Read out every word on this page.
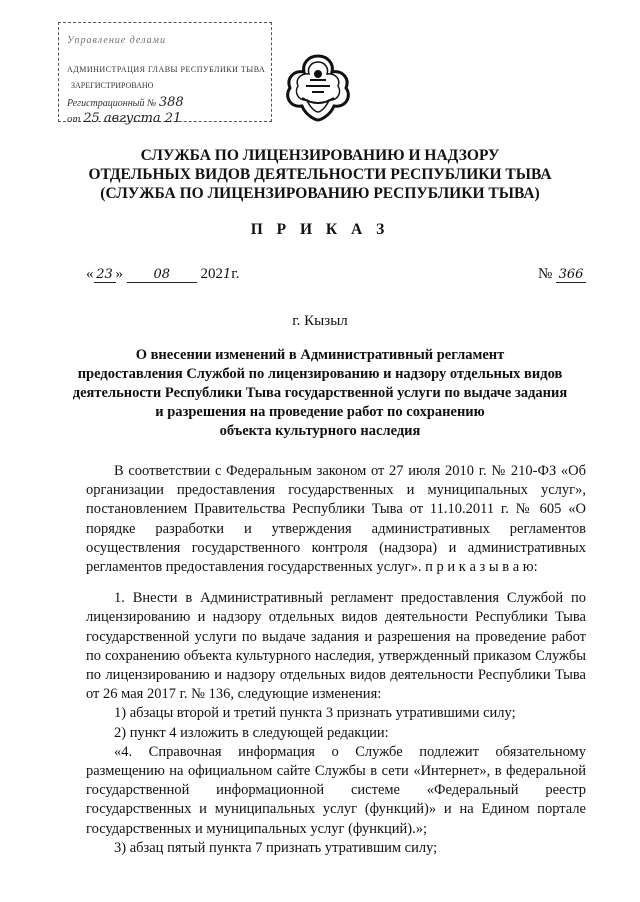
Управление делами
АДМИНИСТРАЦИЯ ГЛАВЫ РЕСПУБЛИКИ ТЫВА
ЗАРЕГИСТРИРОВАНО
Регистрационный № 388
от 25 августа 21
СЛУЖБА ПО ЛИЦЕНЗИРОВАНИЮ И НАДЗОРУ
ОТДЕЛЬНЫХ ВИДОВ ДЕЯТЕЛЬНОСТИ РЕСПУБЛИКИ ТЫВА
(СЛУЖБА ПО ЛИЦЕНЗИРОВАНИЮ РЕСПУБЛИКИ ТЫВА)
П Р И К А З
« 23 » 08 2021г.	№ 366
г. Кызыл
О внесении изменений в Административный регламент
предоставления Службой по лицензированию и надзору отдельных видов
деятельности Республики Тыва государственной услуги по выдаче задания
и разрешения на проведение работ по сохранению
объекта культурного наследия

В соответствии с Федеральным законом от 27 июля 2010 г. № 210-ФЗ «Об организации предоставления государственных и муниципальных услуг», постановлением Правительства Республики Тыва от 11.10.2011 г. № 605 «О порядке разработки и утверждения административных регламентов осуществления государственного контроля (надзора) и административных регламентов предоставления государственных услуг». п р и к а з ы в а ю:

1. Внести в Административный регламент предоставления Службой по лицензированию и надзору отдельных видов деятельности Республики Тыва государственной услуги по выдаче задания и разрешения на проведение работ по сохранению объекта культурного наследия, утвержденный приказом Службы по лицензированию и надзору отдельных видов деятельности Республики Тыва от 26 мая 2017 г. № 136, следующие изменения:

1) абзацы второй и третий пункта 3 признать утратившими силу;

2) пункт 4 изложить в следующей редакции:

«4. Справочная информация о Службе подлежит обязательному размещению на официальном сайте Службы в сети «Интернет», в федеральной государственной информационной системе «Федеральный реестр государственных и муниципальных услуг (функций)» и на Едином портале государственных и муниципальных услуг (функций).»;

3) абзац пятый пункта 7 признать утратившим силу;
